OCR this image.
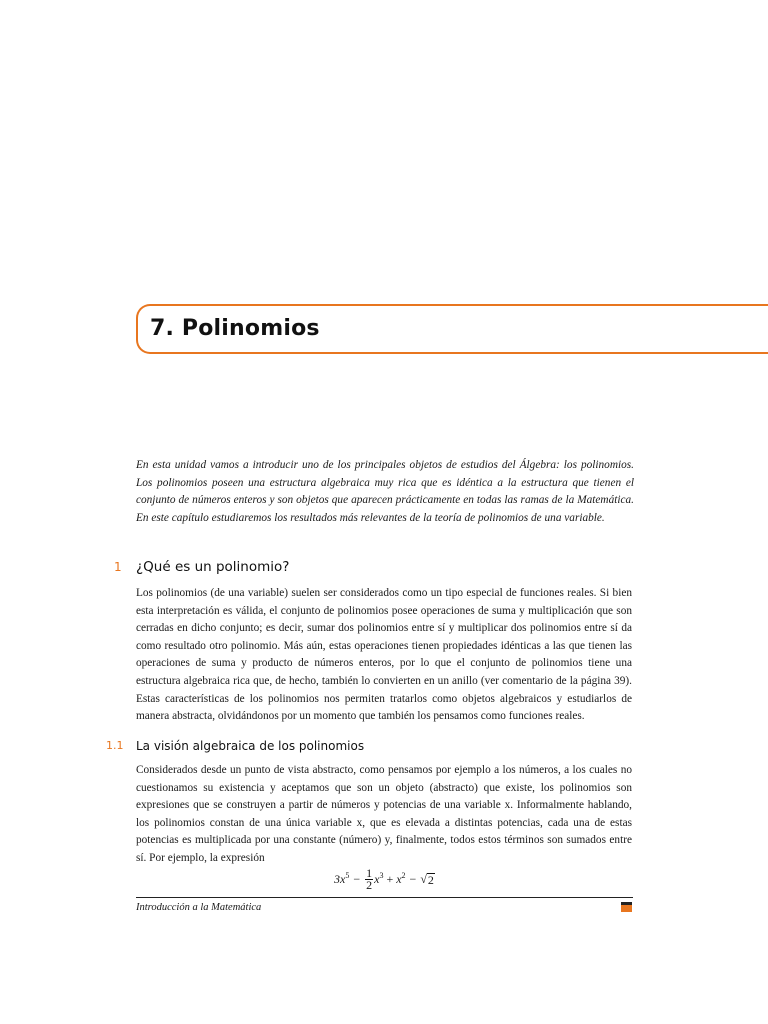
7. Polinomios

En esta unidad vamos a introducir uno de los principales objetos de estudios del Álgebra: los polinomios. Los polinomios poseen una estructura algebraica muy rica que es idéntica a la estructura que tienen el conjunto de números enteros y son objetos que aparecen prácticamente en todas las ramas de la Matemática. En este capítulo estudiaremos los resultados más relevantes de la teoría de polinomios de una variable.

1 ¿Qué es un polinomio?

Los polinomios (de una variable) suelen ser considerados como un tipo especial de funciones reales. Si bien esta interpretación es válida, el conjunto de polinomios posee operaciones de suma y multiplicación que son cerradas en dicho conjunto; es decir, sumar dos polinomios entre sí y multiplicar dos polinomios entre sí da como resultado otro polinomio. Más aún, estas operaciones tienen propiedades idénticas a las que tienen las operaciones de suma y producto de números enteros, por lo que el conjunto de polinomios tiene una estructura algebraica rica que, de hecho, también lo convierten en un anillo (ver comentario de la página 39). Estas características de los polinomios nos permiten tratarlos como objetos algebraicos y estudiarlos de manera abstracta, olvidándonos por un momento que también los pensamos como funciones reales.

1.1 La visión algebraica de los polinomios

Considerados desde un punto de vista abstracto, como pensamos por ejemplo a los números, a los cuales no cuestionamos su existencia y aceptamos que son un objeto (abstracto) que existe, los polinomios son expresiones que se construyen a partir de números y potencias de una variable x. Informalmente hablando, los polinomios constan de una única variable x, que es elevada a distintas potencias, cada una de estas potencias es multiplicada por una constante (número) y, finalmente, todos estos términos son sumados entre sí. Por ejemplo, la expresión

$3x^5 - \frac{1}{2} x^3 + x^2$ − √ 2

Introducción a la Matemática
